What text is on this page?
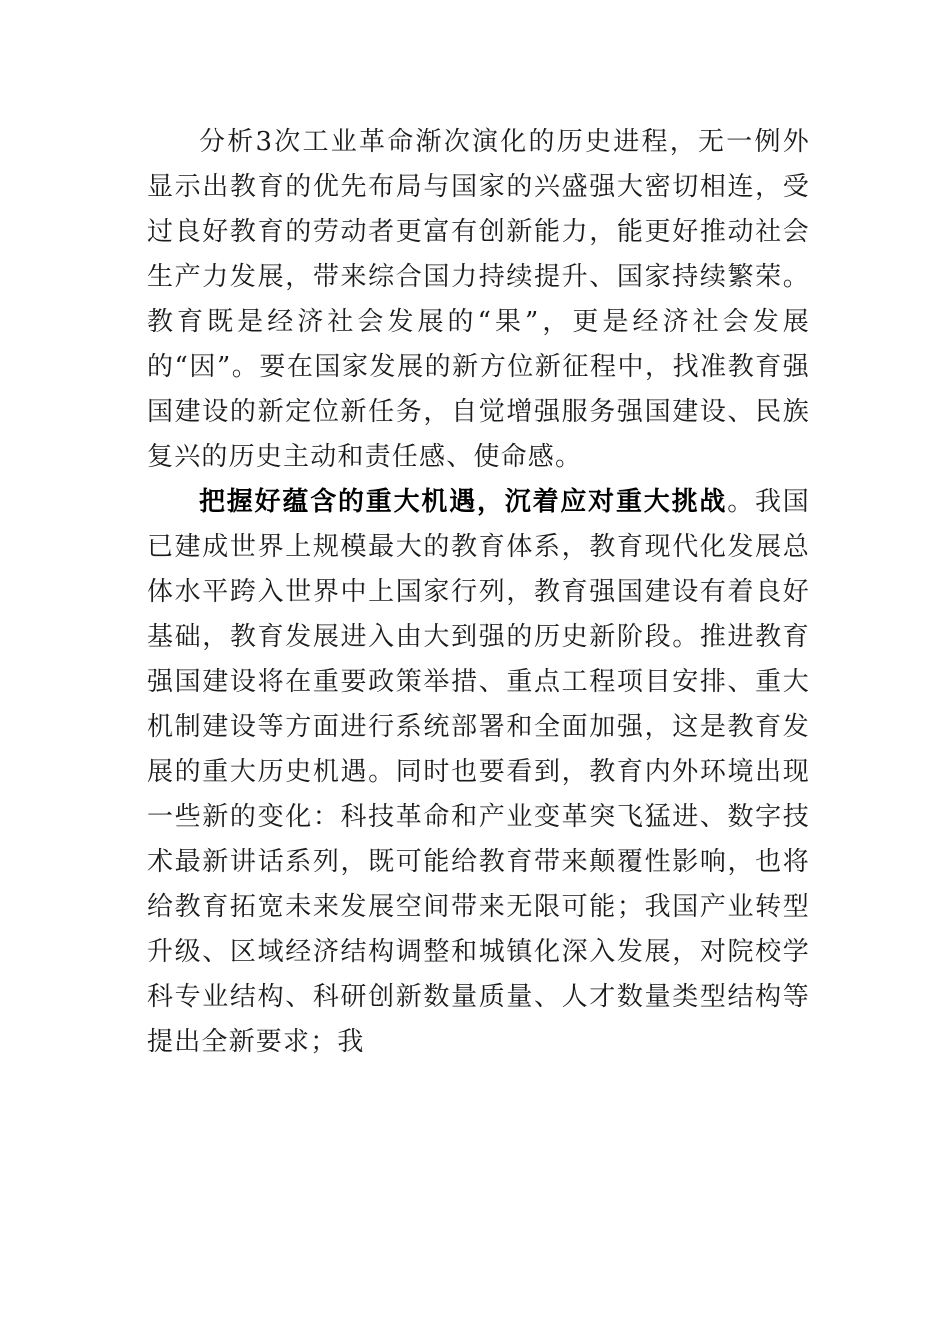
分析3次工业革命渐次演化的历史进程，无一例外显示出教育的优先布局与国家的兴盛强大密切相连，受过良好教育的劳动者更富有创新能力，能更好推动社会生产力发展，带来综合国力持续提升、国家持续繁荣。教育既是经济社会发展的“果”，更是经济社会发展的“因”。要在国家发展的新方位新征程中，找准教育强国建设的新定位新任务，自觉增强服务强国建设、民族复兴的历史主动和责任感、使命感。

把握好蕴含的重大机遇，沉着应对重大挑战。我国已建成世界上规模最大的教育体系，教育现代化发展总体水平跨入世界中上国家行列，教育强国建设有着良好基础，教育发展进入由大到强的历史新阶段。推进教育强国建设将在重要政策举措、重点工程项目安排、重大机制建设等方面进行系统部署和全面加强，这是教育发展的重大历史机遇。同时也要看到，教育内外环境出现一些新的变化：科技革命和产业变革突飞猛进、数字技术最新讲话系列，既可能给教育带来颠覆性影响，也将给教育拓宽未来发展空间带来无限可能；我国产业转型升级、区域经济结构调整和城镇化深入发展，对院校学科专业结构、科研创新数量质量、人才数量类型结构等提出全新要求；我
